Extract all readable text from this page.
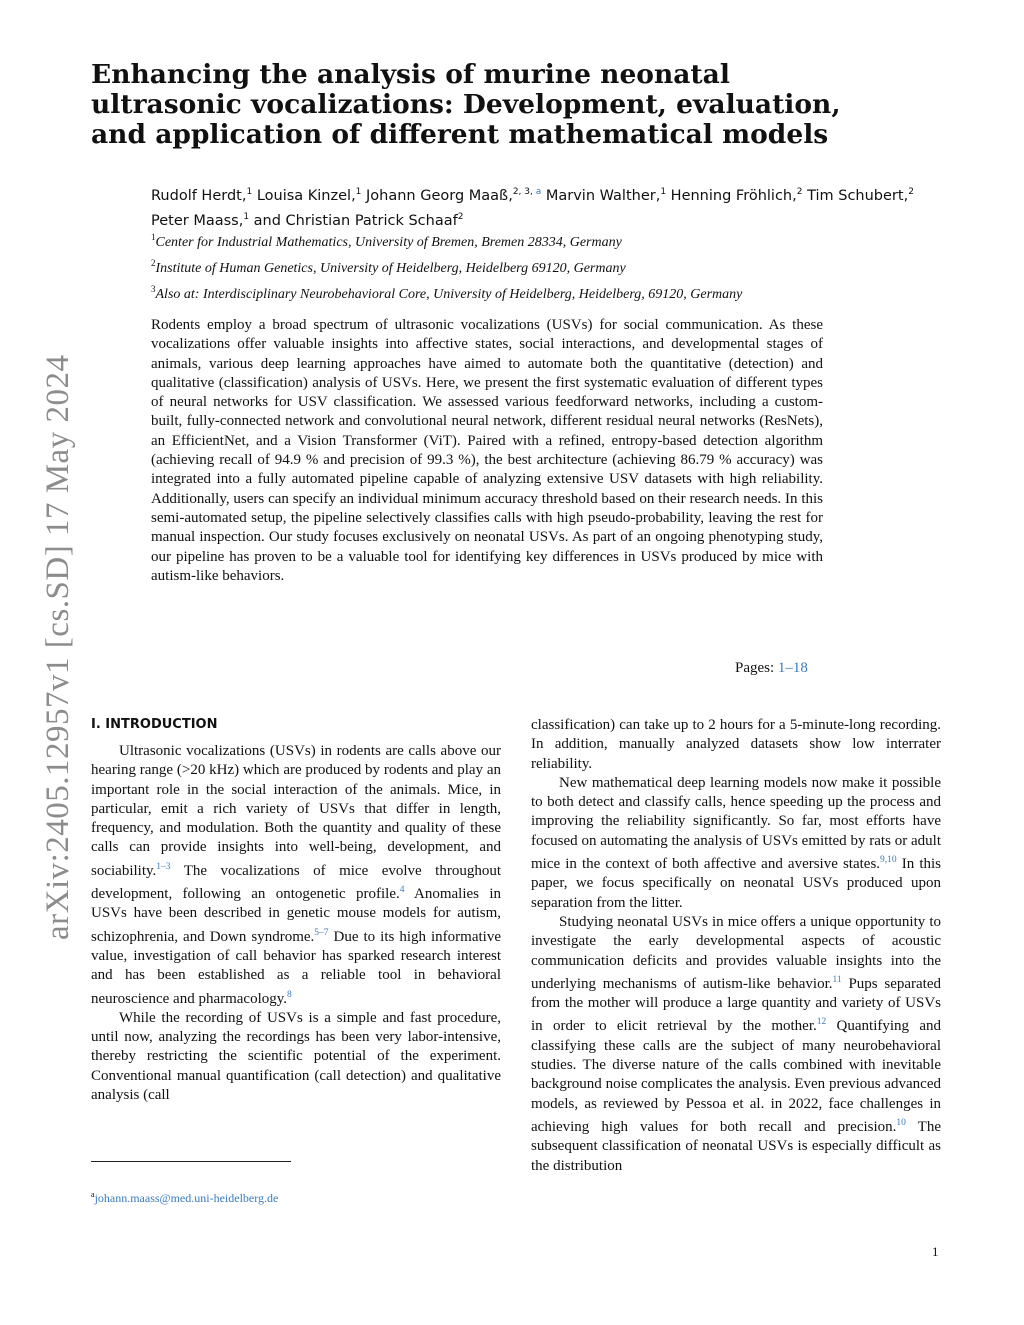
arXiv:2405.12957v1 [cs.SD] 17 May 2024
Enhancing the analysis of murine neonatal
ultrasonic vocalizations: Development, evaluation,
and application of different mathematical models
Rudolf Herdt,$^1$ Louisa Kinzel,$^1$ Johann Georg Maaß,$^{2, 3, a}$ Marvin Walther,$^1$ Henning Fröhlich,$^2$ Tim Schubert,$^2$
Peter Maass,$^1$ and Christian Patrick Schaaf$^2$
$^1$Center for Industrial Mathematics, University of Bremen, Bremen 28334, Germany
$^2$Institute of Human Genetics, University of Heidelberg, Heidelberg 69120, Germany
$^3$Also at: Interdisciplinary Neurobehavioral Core, University of Heidelberg, Heidelberg, 69120, Germany

Rodents employ a broad spectrum of ultrasonic vocalizations (USVs) for social communication. As these vocalizations offer valuable insights into affective states, social interactions, and developmental stages of animals, various deep learning approaches have aimed to automate both the quantitative (detection) and qualitative (classification) analysis of USVs. Here, we present the first systematic evaluation of different types of neural networks for USV classification. We assessed various feedforward networks, including a custom-built, fully-connected network and convolutional neural network, different residual neural networks (ResNets), an EfficientNet, and a Vision Transformer (ViT). Paired with a refined, entropy-based detection algorithm (achieving recall of 94.9 % and precision of 99.3 %), the best architecture (achieving 86.79 % accuracy) was integrated into a fully automated pipeline capable of analyzing extensive USV datasets with high reliability. Additionally, users can specify an individual minimum accuracy threshold based on their research needs. In this semi-automated setup, the pipeline selectively classifies calls with high pseudo-probability, leaving the rest for manual inspection. Our study focuses exclusively on neonatal USVs. As part of an ongoing phenotyping study, our pipeline has proven to be a valuable tool for identifying key differences in USVs produced by mice with autism-like behaviors.

Pages: 1–18
I. INTRODUCTION

Ultrasonic vocalizations (USVs) in rodents are calls above our hearing range (>20 kHz) which are produced by rodents and play an important role in the social interaction of the animals. Mice, in particular, emit a rich variety of USVs that differ in length, frequency, and modulation. Both the quantity and quality of these calls can provide insights into well-being, development, and sociability.$^{1-3}$ The vocalizations of mice evolve throughout development, following an ontogenetic profile.$^4$ Anomalies in USVs have been described in genetic mouse models for autism, schizophrenia, and Down syndrome.$^{5-7}$ Due to its high informative value, investigation of call behavior has sparked research interest and has been established as a reliable tool in behavioral neuroscience and pharmacology.$^8$

While the recording of USVs is a simple and fast procedure, until now, analyzing the recordings has been very labor-intensive, thereby restricting the scientific potential of the experiment. Conventional manual quantification (call detection) and qualitative analysis (call

classification) can take up to 2 hours for a 5-minute-long recording. In addition, manually analyzed datasets show low interrater reliability.

New mathematical deep learning models now make it possible to both detect and classify calls, hence speeding up the process and improving the reliability significantly. So far, most efforts have focused on automating the analysis of USVs emitted by rats or adult mice in the context of both affective and aversive states.$^{9,10}$ In this paper, we focus specifically on neonatal USVs produced upon separation from the litter.

Studying neonatal USVs in mice offers a unique opportunity to investigate the early developmental aspects of acoustic communication deficits and provides valuable insights into the underlying mechanisms of autism-like behavior.$^{11}$ Pups separated from the mother will produce a large quantity and variety of USVs in order to elicit retrieval by the mother.$^{12}$ Quantifying and classifying these calls are the subject of many neurobehavioral studies. The diverse nature of the calls combined with inevitable background noise complicates the analysis. Even previous advanced models, as reviewed by Pessoa et al. in 2022, face challenges in achieving high values for both recall and precision.$^{10}$ The subsequent classification of neonatal USVs is especially difficult as the distribution

$^a$johann.maass@med.uni-heidelberg.de
1
